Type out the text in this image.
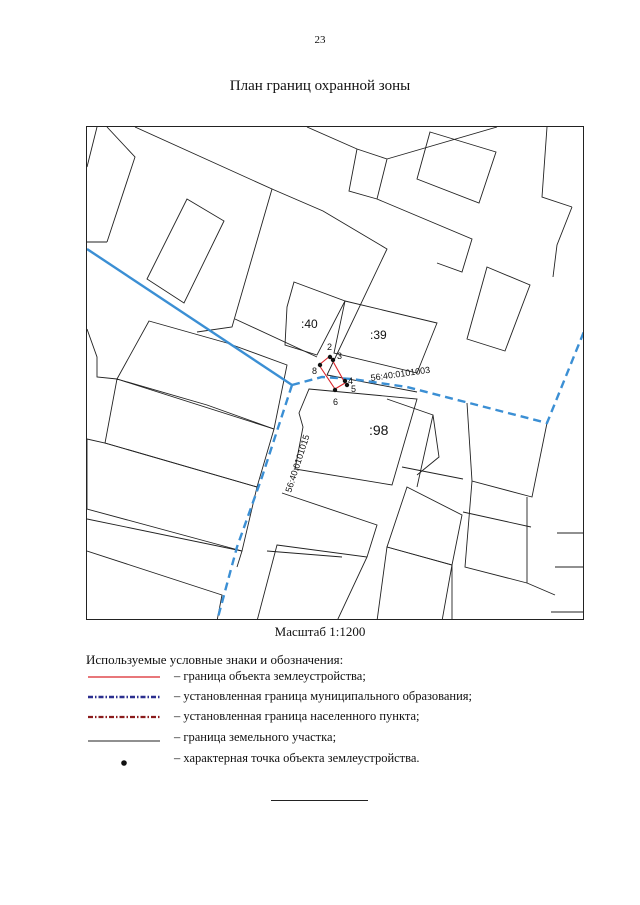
23
План границ охранной зоны
:40
:39
:98
56:40:0101003
56:40:0101015
2
3
4
5
6
8
Масштаб 1:1200
Используемые условные знаки и обозначения:
– граница объекта землеустройства;
– установленная граница муниципального образования;
– установленная граница населенного пункта;
– граница земельного участка;
– характерная точка объекта землеустройства.
